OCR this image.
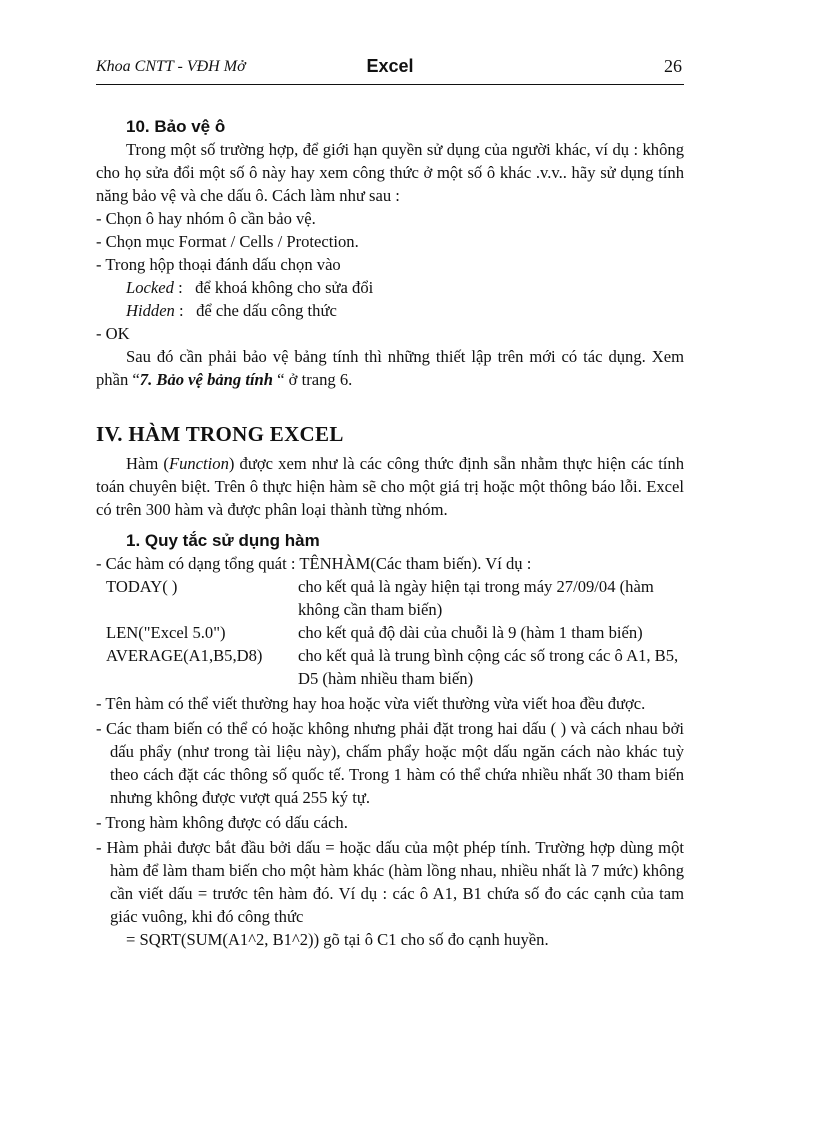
Khoa CNTT - VĐH Mở	Excel	26
10. Bảo vệ ô
Trong một số trường hợp, để giới hạn quyền sử dụng của người khác, ví dụ : không cho họ sửa đổi một số ô này hay xem công thức ở một số ô khác .v.v.. hãy sử dụng tính năng bảo vệ và che dấu ô. Cách làm như sau :
- Chọn ô hay nhóm ô cần bảo vệ.
- Chọn mục Format / Cells / Protection.
- Trong hộp thoại đánh dấu chọn vào
Locked :   để khoá không cho sửa đổi
Hidden :   để che dấu công thức
- OK
Sau đó cần phải bảo vệ bảng tính thì những thiết lập trên mới có tác dụng. Xem phần “7. Bảo vệ bảng tính “ ở trang 6.
IV. HÀM TRONG EXCEL
Hàm (Function) được xem như là các công thức định sẵn nhằm thực hiện các tính toán chuyên biệt. Trên ô thực hiện hàm sẽ cho một giá trị hoặc một thông báo lỗi. Excel có trên 300 hàm và được phân loại thành từng nhóm.
1. Quy tắc sử dụng hàm
- Các hàm có dạng tổng quát : TÊNHÀM(Các tham biến). Ví dụ :
TODAY( )	cho kết quả là ngày hiện tại trong máy 27/09/04 (hàm không cần tham biến)
LEN("Excel 5.0")	cho kết quả độ dài của chuỗi là 9 (hàm 1 tham biến)
AVERAGE(A1,B5,D8)	cho kết quả là trung bình cộng các số trong các ô A1, B5, D5 (hàm nhiều tham biến)
- Tên hàm có thể viết thường hay hoa hoặc vừa viết thường vừa viết hoa đều được.
- Các tham biến có thể có hoặc không nhưng phải đặt trong hai dấu ( ) và cách nhau bởi dấu phẩy (như trong tài liệu này), chấm phẩy hoặc một dấu ngăn cách nào khác tuỳ theo cách đặt các thông số quốc tế. Trong 1 hàm có thể chứa nhiều nhất 30 tham biến nhưng không được vượt quá 255 ký tự.
- Trong hàm không được có dấu cách.
- Hàm phải được bắt đầu bởi dấu = hoặc dấu của một phép tính. Trường hợp dùng một hàm để làm tham biến cho một hàm khác (hàm lồng nhau, nhiều nhất là 7 mức) không cần viết dấu = trước tên hàm đó. Ví dụ : các ô A1, B1 chứa số đo các cạnh của tam giác vuông, khi đó công thức
= SQRT(SUM(A1^2, B1^2)) gõ tại ô C1 cho số đo cạnh huyền.
